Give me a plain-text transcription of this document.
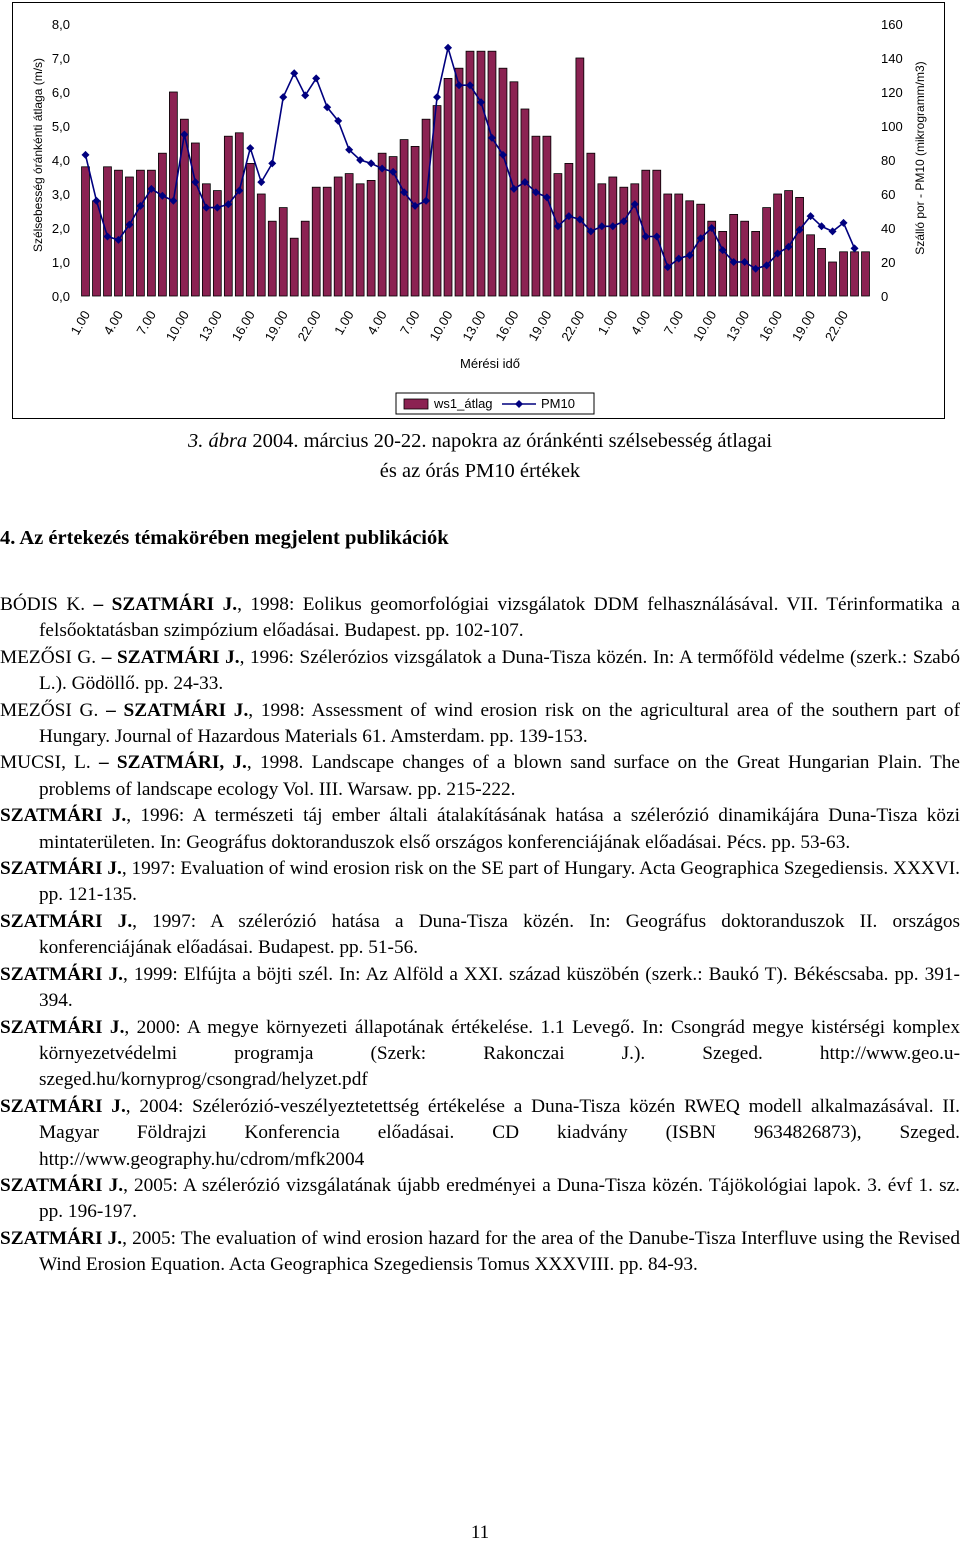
0,0
1,0
2,0
3,0
4,0
5,0
6,0
7,0
8,0
0
20
40
60
80
100
120
140
160
Szélsebesség óránkénti átlaga (m/s)	Szálló por - PM10 (mikrogramm/m3)
1.00 4.00 7.00 10.00 13.00 16.00 19.00 22.00 1.00 4.00 7.00 10.00 13.00 16.00 19.00 22.00 1.00 4.00 7.00 10.00 13.00 16.00 19.00 22.00
Mérési idő
ws1_átlag	PM10
3. ábra 2004. március 20-22. napokra az óránkénti szélsebesség átlagai
és az órás PM10 értékek
4. Az értekezés témakörében megjelent publikációk
BÓDIS K. – SZATMÁRI J., 1998: Eolikus geomorfológiai vizsgálatok DDM felhasználásával. VII. Térinformatika a felsőoktatásban szimpózium előadásai. Budapest. pp. 102-107.
MEZŐSI G. – SZATMÁRI J., 1996: Szélerózios vizsgálatok a Duna-Tisza közén. In: A termőföld védelme (szerk.: Szabó L.). Gödöllő. pp. 24-33.
MEZŐSI G. – SZATMÁRI J., 1998: Assessment of wind erosion risk on the agricultural area of the southern part of Hungary. Journal of Hazardous Materials 61. Amsterdam. pp. 139-153.
MUCSI, L. – SZATMÁRI, J., 1998. Landscape changes of a blown sand surface on the Great Hungarian Plain. The problems of landscape ecology Vol. III. Warsaw. pp. 215-222.
SZATMÁRI J., 1996: A természeti táj ember általi átalakításának hatása a szélerózió dinamikájára Duna-Tisza közi mintaterületen. In: Geográfus doktoranduszok első országos konferenciájának előadásai. Pécs. pp. 53-63.
SZATMÁRI J., 1997: Evaluation of wind erosion risk on the SE part of Hungary. Acta Geographica Szegediensis. XXXVI. pp. 121-135.
SZATMÁRI J., 1997: A szélerózió hatása a Duna-Tisza közén. In: Geográfus doktoranduszok II. országos konferenciájának előadásai. Budapest. pp. 51-56.
SZATMÁRI J., 1999: Elfújta a böjti szél. In: Az Alföld a XXI. század küszöbén (szerk.: Baukó T). Békéscsaba. pp. 391-394.
SZATMÁRI J., 2000: A megye környezeti állapotának értékelése. 1.1 Levegő. In: Csongrád megye kistérségi komplex környezetvédelmi programja (Szerk: Rakonczai J.). Szeged. http://www.geo.u-szeged.hu/kornyprog/csongrad/helyzet.pdf
SZATMÁRI J., 2004: Szélerózió-veszélyeztetettség értékelése a Duna-Tisza közén RWEQ modell alkalmazásával. II. Magyar Földrajzi Konferencia előadásai. CD kiadvány (ISBN 9634826873), Szeged. http://www.geography.hu/cdrom/mfk2004
SZATMÁRI J., 2005: A szélerózió vizsgálatának újabb eredményei a Duna-Tisza közén. Tájökológiai lapok. 3. évf 1. sz. pp. 196-197.
SZATMÁRI J., 2005: The evaluation of wind erosion hazard for the area of the Danube-Tisza Interfluve using the Revised Wind Erosion Equation. Acta Geographica Szegediensis Tomus XXXVIII. pp. 84-93.
11
